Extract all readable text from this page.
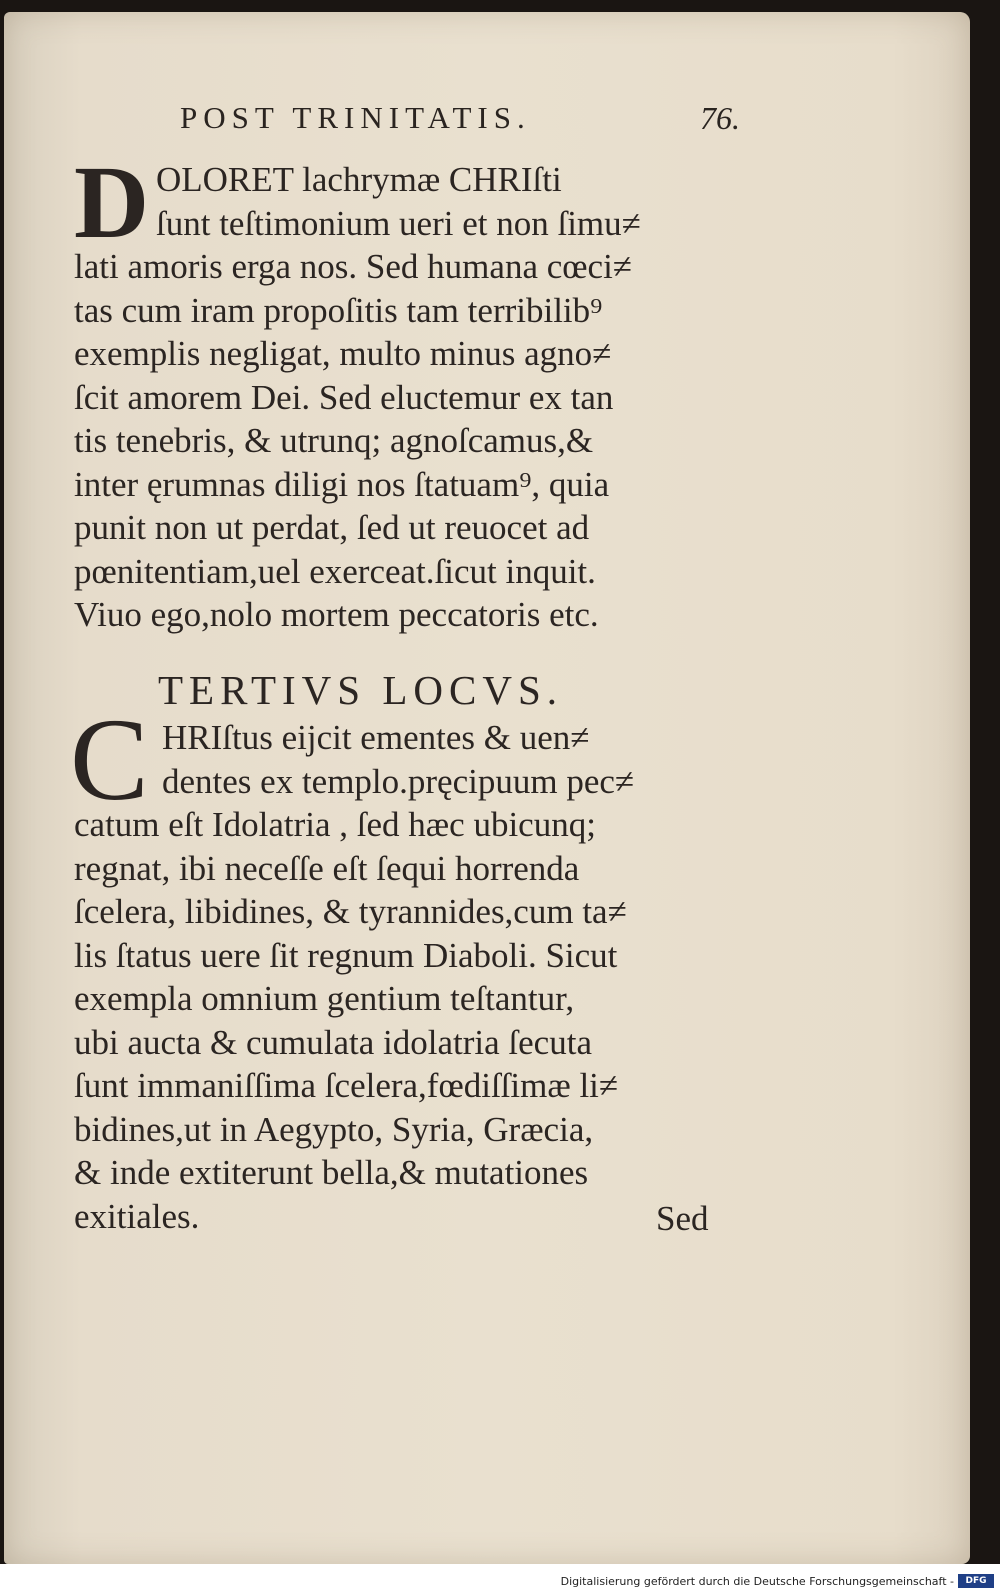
POST TRINITATIS.	76.
D OLORET lachrymæ CHRIſti
ſunt teſtimonium ueri et non ſimu≠
lati amoris erga nos. Sed humana cœci≠
tas cum iram propoſitis tam terribilib⁹
exemplis negligat, multo minus agno≠
ſcit amorem Dei. Sed eluctemur ex tan
tis tenebris, & utrunq; agnoſcamus,&
inter ęrumnas diligi nos ſtatuam⁹, quia
punit non ut perdat, ſed ut reuocet ad
pœnitentiam,uel exerceat.ſicut inquit.
Viuo ego,nolo mortem peccatoris etc.
TERTIVS LOCVS.
C HRIſtus eijcit ementes & uen≠
dentes ex templo.pręcipuum pec≠
catum eſt Idolatria , ſed hæc ubicunq;
regnat, ibi neceſſe eſt ſequi horrenda
ſcelera, libidines, & tyrannides,cum ta≠
lis ſtatus uere ſit regnum Diaboli. Sicut
exempla omnium gentium teſtantur,
ubi aucta & cumulata idolatria ſecuta
ſunt immaniſſima ſcelera,fœdiſſimæ li≠
bidines,ut in Aegypto, Syria, Græcia,
& inde extiterunt bella,& mutationes
exitiales.	Sed
Digitalisierung gefördert durch die Deutsche Forschungsgemeinschaft -	DFG
